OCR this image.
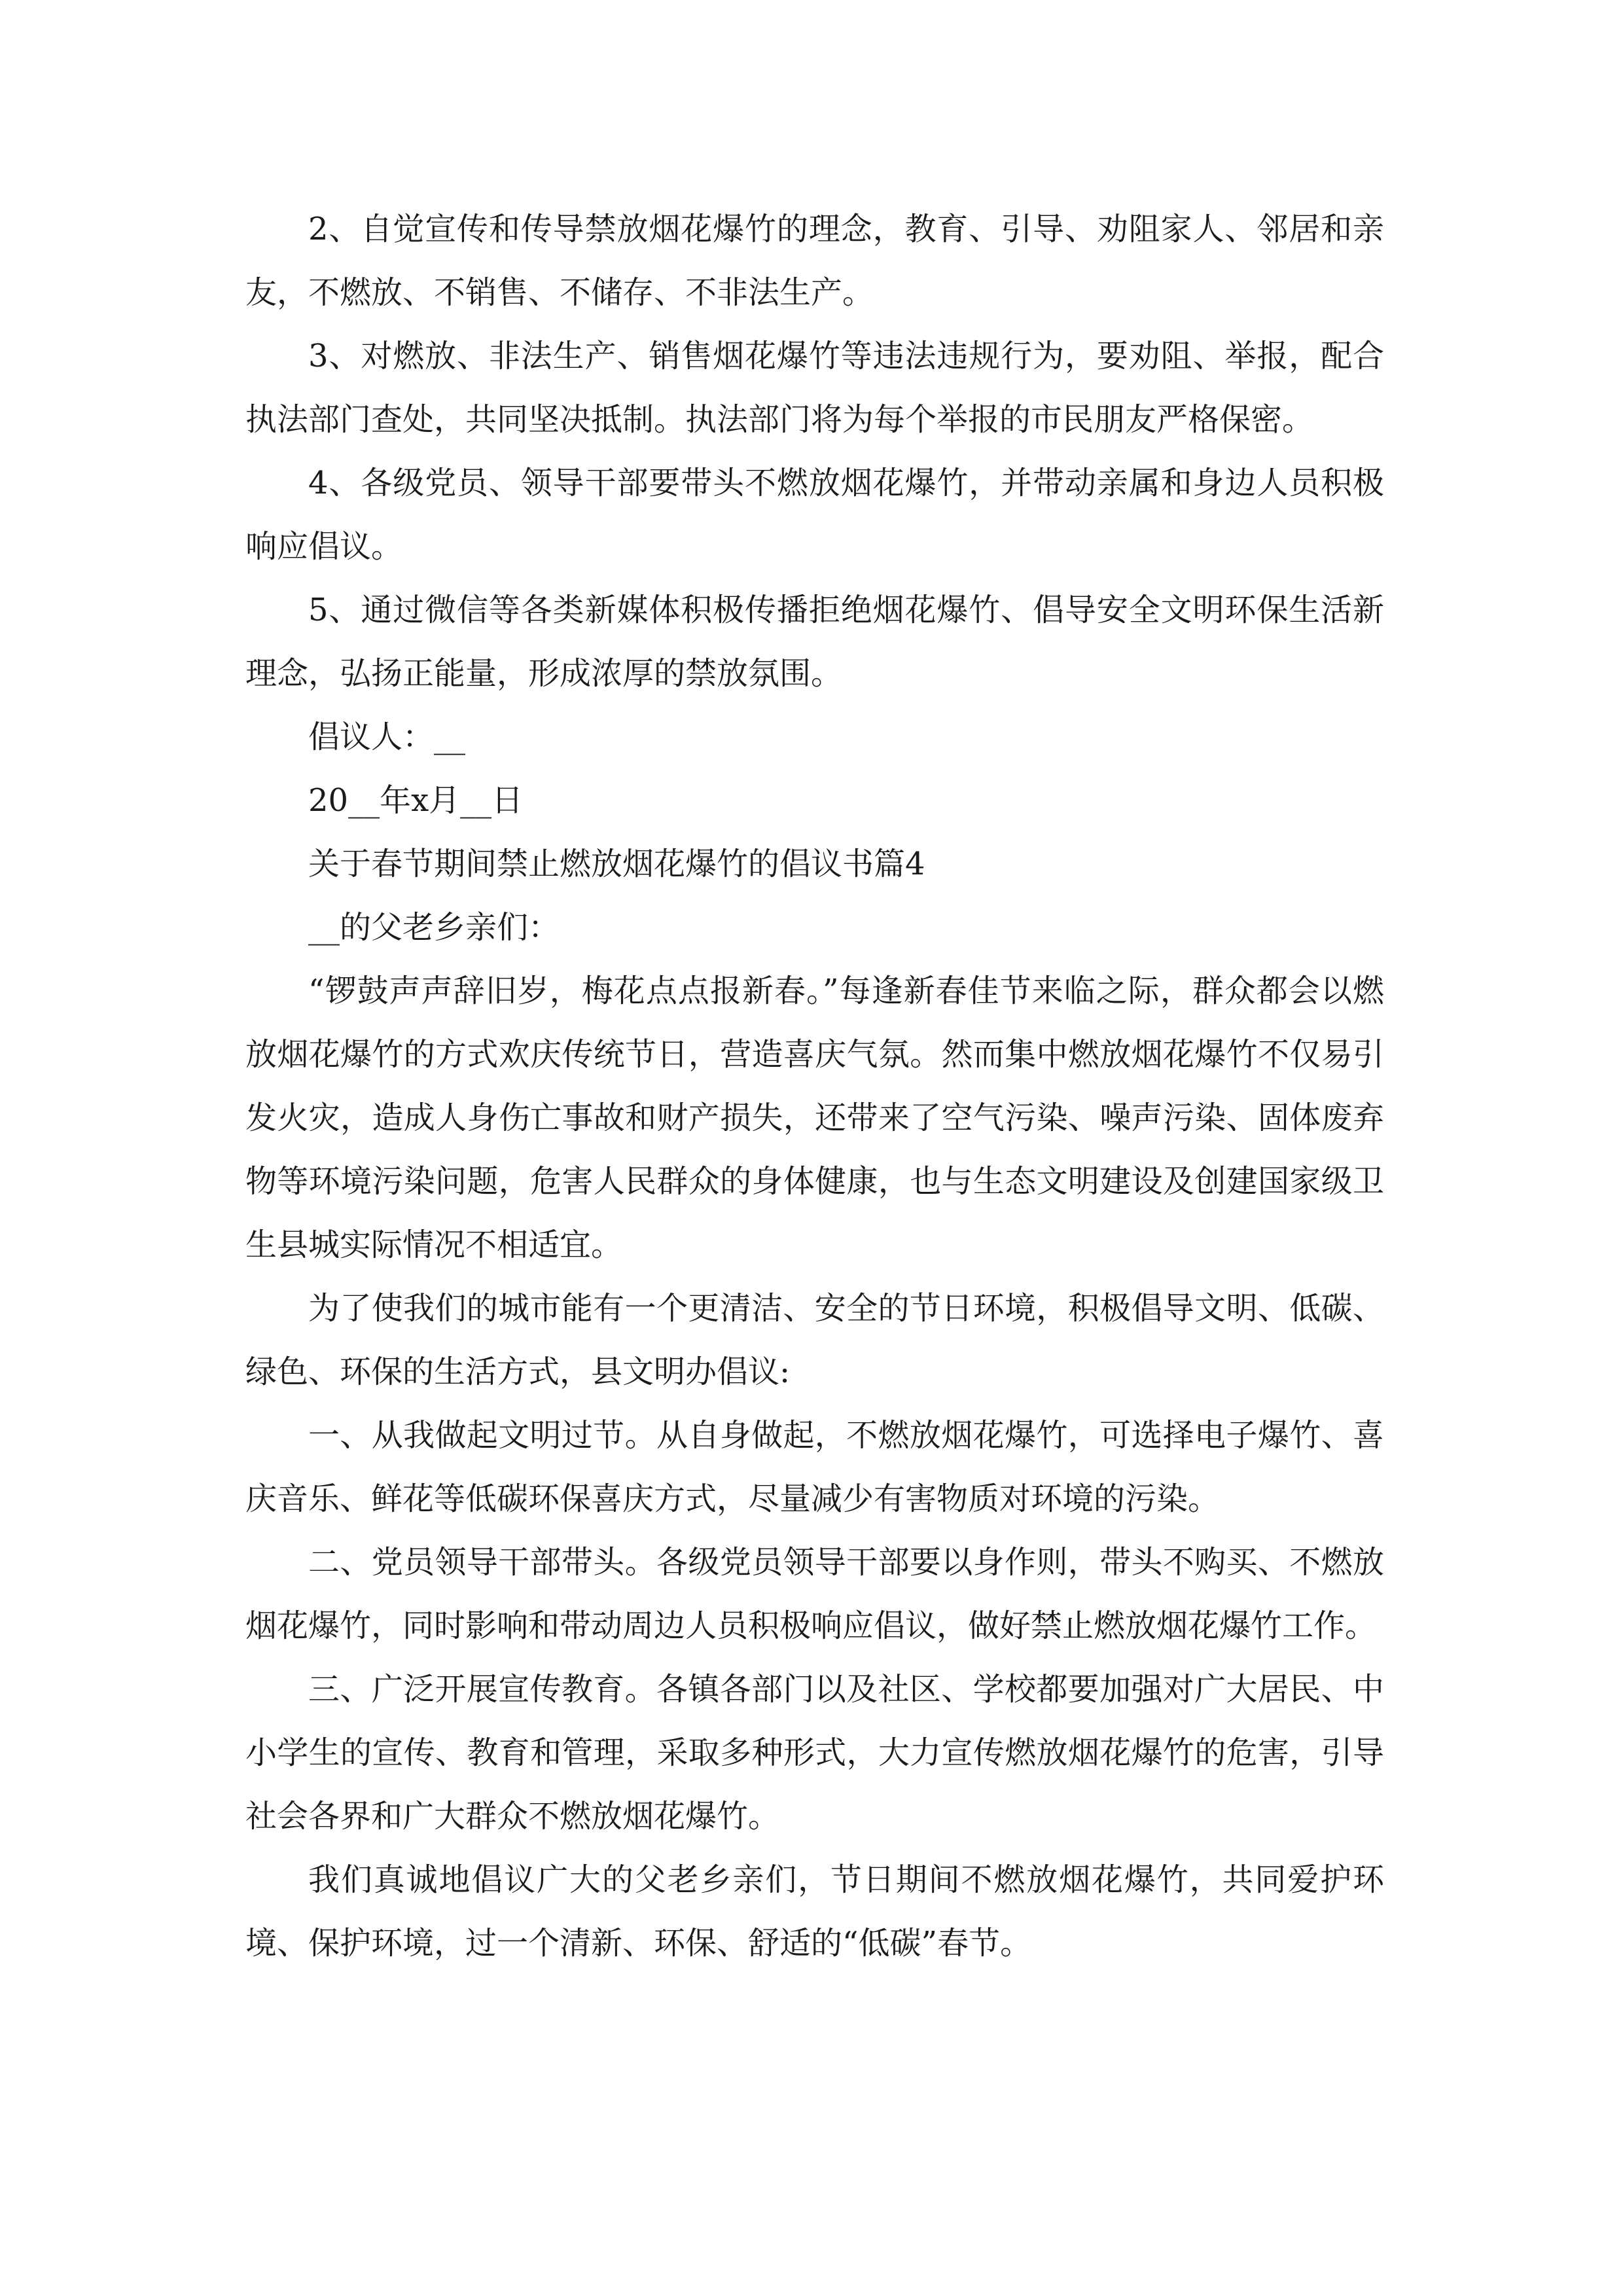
2、自觉宣传和传导禁放烟花爆竹的理念，教育、引导、劝阻家人、邻居和亲友，不燃放、不销售、不储存、不非法生产。

3、对燃放、非法生产、销售烟花爆竹等违法违规行为，要劝阻、举报，配合执法部门查处，共同坚决抵制。执法部门将为每个举报的市民朋友严格保密。

4、各级党员、领导干部要带头不燃放烟花爆竹，并带动亲属和身边人员积极响应倡议。

5、通过微信等各类新媒体积极传播拒绝烟花爆竹、倡导安全文明环保生活新理念，弘扬正能量，形成浓厚的禁放氛围。

倡议人：__

20__年x月__日

关于春节期间禁止燃放烟花爆竹的倡议书篇4

__的父老乡亲们：

“锣鼓声声辞旧岁，梅花点点报新春。”每逢新春佳节来临之际，群众都会以燃放烟花爆竹的方式欢庆传统节日，营造喜庆气氛。然而集中燃放烟花爆竹不仅易引发火灾，造成人身伤亡事故和财产损失，还带来了空气污染、噪声污染、固体废弃物等环境污染问题，危害人民群众的身体健康，也与生态文明建设及创建国家级卫生县城实际情况不相适宜。

为了使我们的城市能有一个更清洁、安全的节日环境，积极倡导文明、低碳、绿色、环保的生活方式，县文明办倡议:

一、从我做起文明过节。从自身做起，不燃放烟花爆竹，可选择电子爆竹、喜庆音乐、鲜花等低碳环保喜庆方式，尽量减少有害物质对环境的污染。

二、党员领导干部带头。各级党员领导干部要以身作则，带头不购买、不燃放烟花爆竹，同时影响和带动周边人员积极响应倡议，做好禁止燃放烟花爆竹工作。

三、广泛开展宣传教育。各镇各部门以及社区、学校都要加强对广大居民、中小学生的宣传、教育和管理，采取多种形式，大力宣传燃放烟花爆竹的危害，引导社会各界和广大群众不燃放烟花爆竹。

我们真诚地倡议广大的父老乡亲们，节日期间不燃放烟花爆竹，共同爱护环境、保护环境，过一个清新、环保、舒适的“低碳”春节。
